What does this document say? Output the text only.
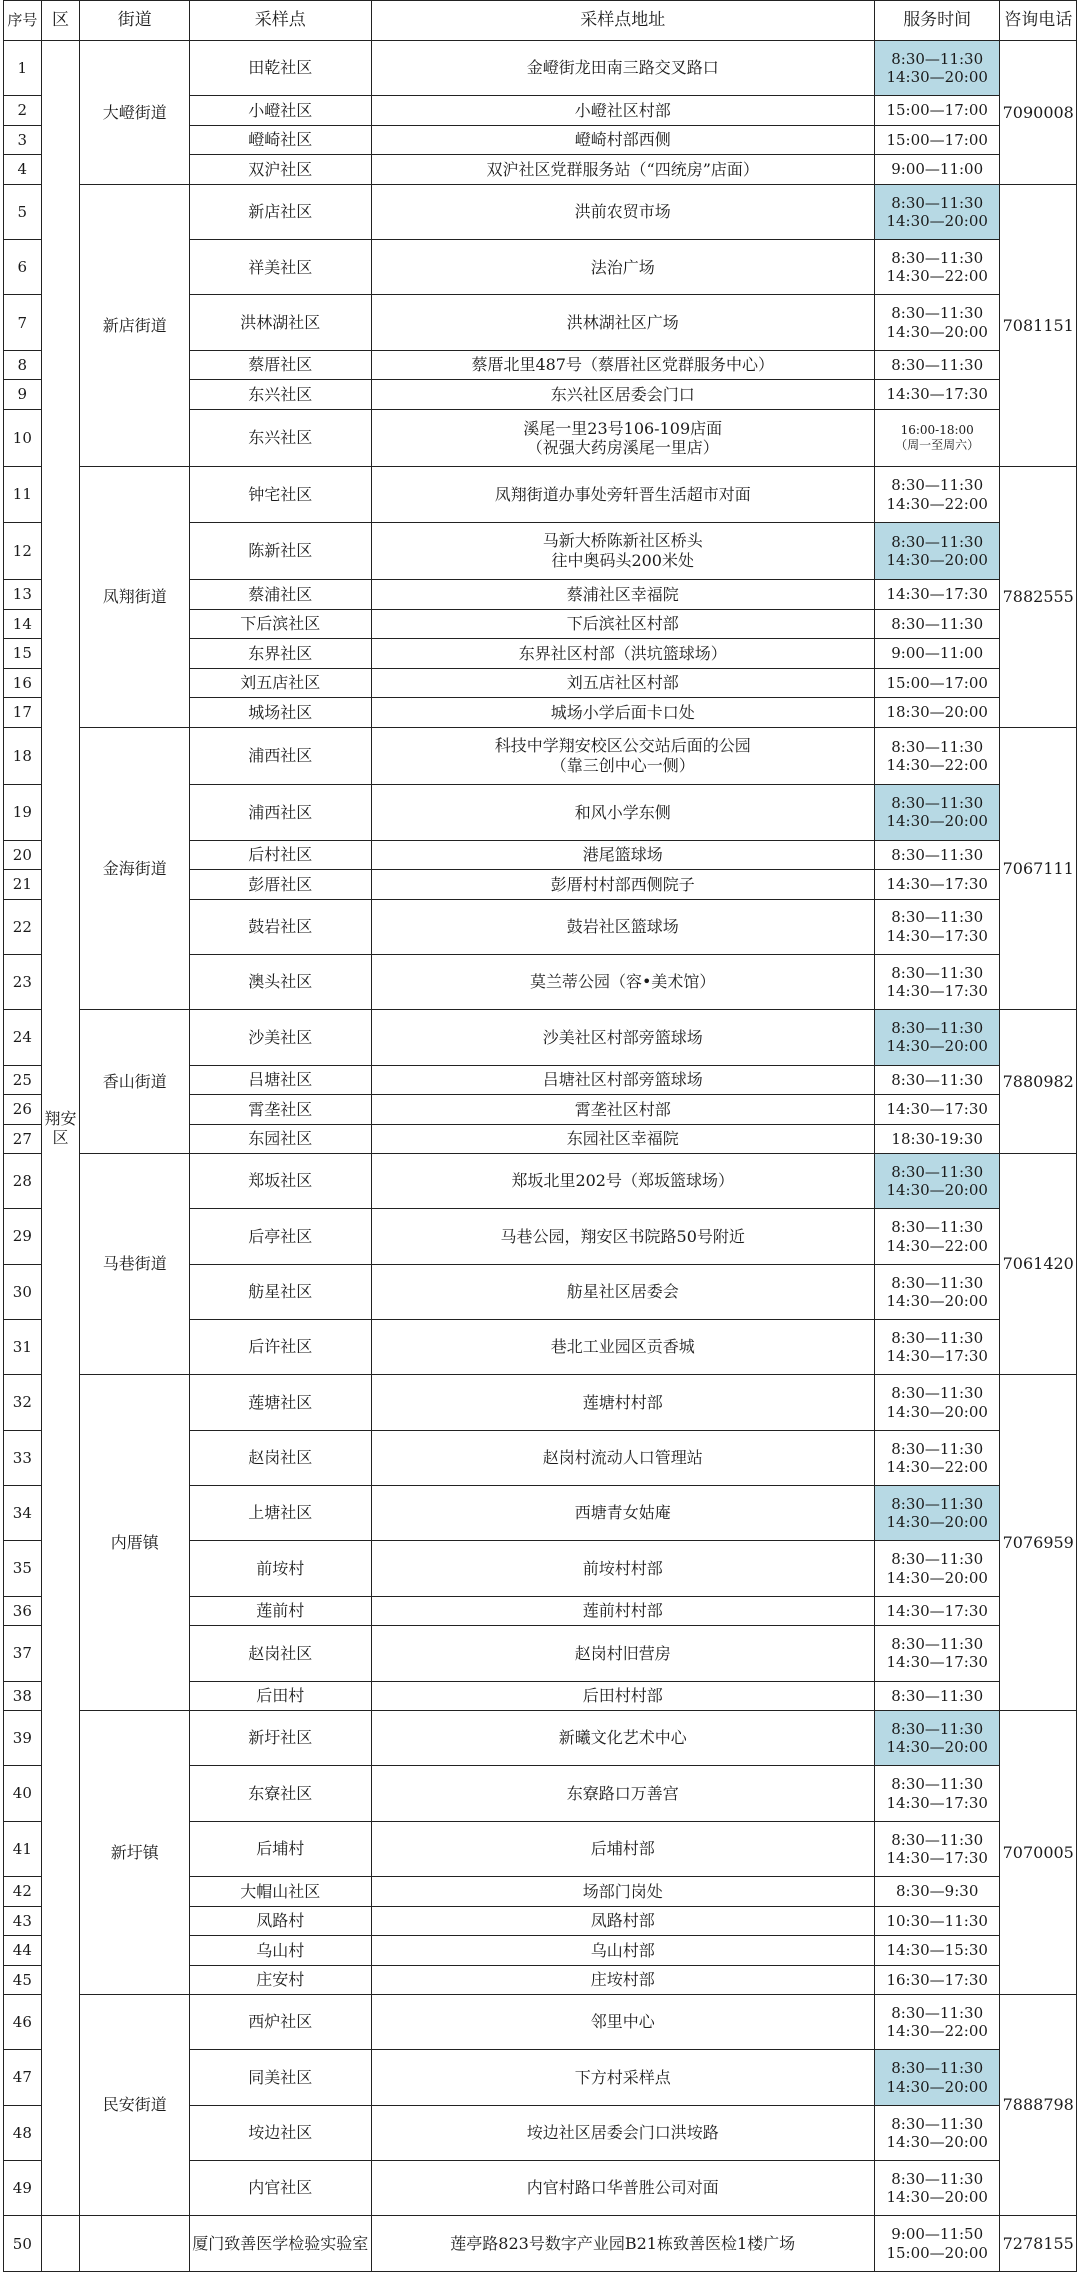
序号	区	街道	采样点	采样点地址	服务时间	咨询电话
1	翔安区	大嶝街道	田乾社区	金嶝街龙田南三路交叉路口	8:30—11:30
14:30—20:00	7090008
2			小嶝社区	小嶝社区村部	15:00—17:00	
3			嶝崎社区	嶝崎村部西侧	15:00—17:00	
4			双沪社区	双沪社区党群服务站（“四统房”店面）	9:00—11:00	
5		新店街道	新店社区	洪前农贸市场	8:30—11:30
14:30—20:00	7081151
6			祥美社区	法治广场	8:30—11:30
14:30—22:00	
7			洪林湖社区	洪林湖社区广场	8:30—11:30
14:30—20:00	
8			蔡厝社区	蔡厝北里487号（蔡厝社区党群服务中心）	8:30—11:30	
9			东兴社区	东兴社区居委会门口	14:30—17:30	
10			东兴社区	溪尾一里23号106-109店面
（祝强大药房溪尾一里店）	16:00-18:00
（周一至周六）	
11		凤翔街道	钟宅社区	凤翔街道办事处旁轩晋生活超市对面	8:30—11:30
14:30—22:00	7882555
12			陈新社区	马新大桥陈新社区桥头
往中奥码头200米处	8:30—11:30
14:30—20:00	
13			蔡浦社区	蔡浦社区幸福院	14:30—17:30	
14			下后滨社区	下后滨社区村部	8:30—11:30	
15			东界社区	东界社区村部（洪坑篮球场）	9:00—11:00	
16			刘五店社区	刘五店社区村部	15:00—17:00	
17			城场社区	城场小学后面卡口处	18:30—20:00	
18		金海街道	浦西社区	科技中学翔安校区公交站后面的公园
（靠三创中心一侧）	8:30—11:30
14:30—22:00	7067111
19			浦西社区	和风小学东侧	8:30—11:30
14:30—20:00	
20			后村社区	港尾篮球场	8:30—11:30	
21			彭厝社区	彭厝村村部西侧院子	14:30—17:30	
22			鼓岩社区	鼓岩社区篮球场	8:30—11:30
14:30—17:30	
23			澳头社区	莫兰蒂公园（容•美术馆）	8:30—11:30
14:30—17:30	
24		香山街道	沙美社区	沙美社区村部旁篮球场	8:30—11:30
14:30—20:00	7880982
25			吕塘社区	吕塘社区村部旁篮球场	8:30—11:30	
26			霄垄社区	霄垄社区村部	14:30—17:30	
27			东园社区	东园社区幸福院	18:30-19:30	
28		马巷街道	郑坂社区	郑坂北里202号（郑坂篮球场）	8:30—11:30
14:30—20:00	7061420
29			后亭社区	马巷公园，翔安区书院路50号附近	8:30—11:30
14:30—22:00	
30			舫星社区	舫星社区居委会	8:30—11:30
14:30—20:00	
31			后许社区	巷北工业园区贡香城	8:30—11:30
14:30—17:30	
32		内厝镇	莲塘社区	莲塘村村部	8:30—11:30
14:30—20:00	7076959
33			赵岗社区	赵岗村流动人口管理站	8:30—11:30
14:30—22:00	
34			上塘社区	西塘青女姑庵	8:30—11:30
14:30—20:00	
35			前垵村	前垵村村部	8:30—11:30
14:30—20:00	
36			莲前村	莲前村村部	14:30—17:30	
37			赵岗社区	赵岗村旧营房	8:30—11:30
14:30—17:30	
38			后田村	后田村村部	8:30—11:30	
39		新圩镇	新圩社区	新曦文化艺术中心	8:30—11:30
14:30—20:00	7070005
40			东寮社区	东寮路口万善宫	8:30—11:30
14:30—17:30	
41			后埔村	后埔村部	8:30—11:30
14:30—17:30	
42			大帽山社区	场部门岗处	8:30—9:30	
43			凤路村	凤路村部	10:30—11:30	
44			乌山村	乌山村部	14:30—15:30	
45			庄安村	庄垵村部	16:30—17:30	
46		民安街道	西炉社区	邻里中心	8:30—11:30
14:30—22:00	7888798
47			同美社区	下方村采样点	8:30—11:30
14:30—20:00	
48			垵边社区	垵边社区居委会门口洪垵路	8:30—11:30
14:30—20:00	
49			内官社区	内官村路口华普胜公司对面	8:30—11:30
14:30—20:00	
50			厦门致善医学检验实验室	莲亭路823号数字产业园B21栋致善医检1楼广场	9:00—11:50
15:00—20:00	7278155
